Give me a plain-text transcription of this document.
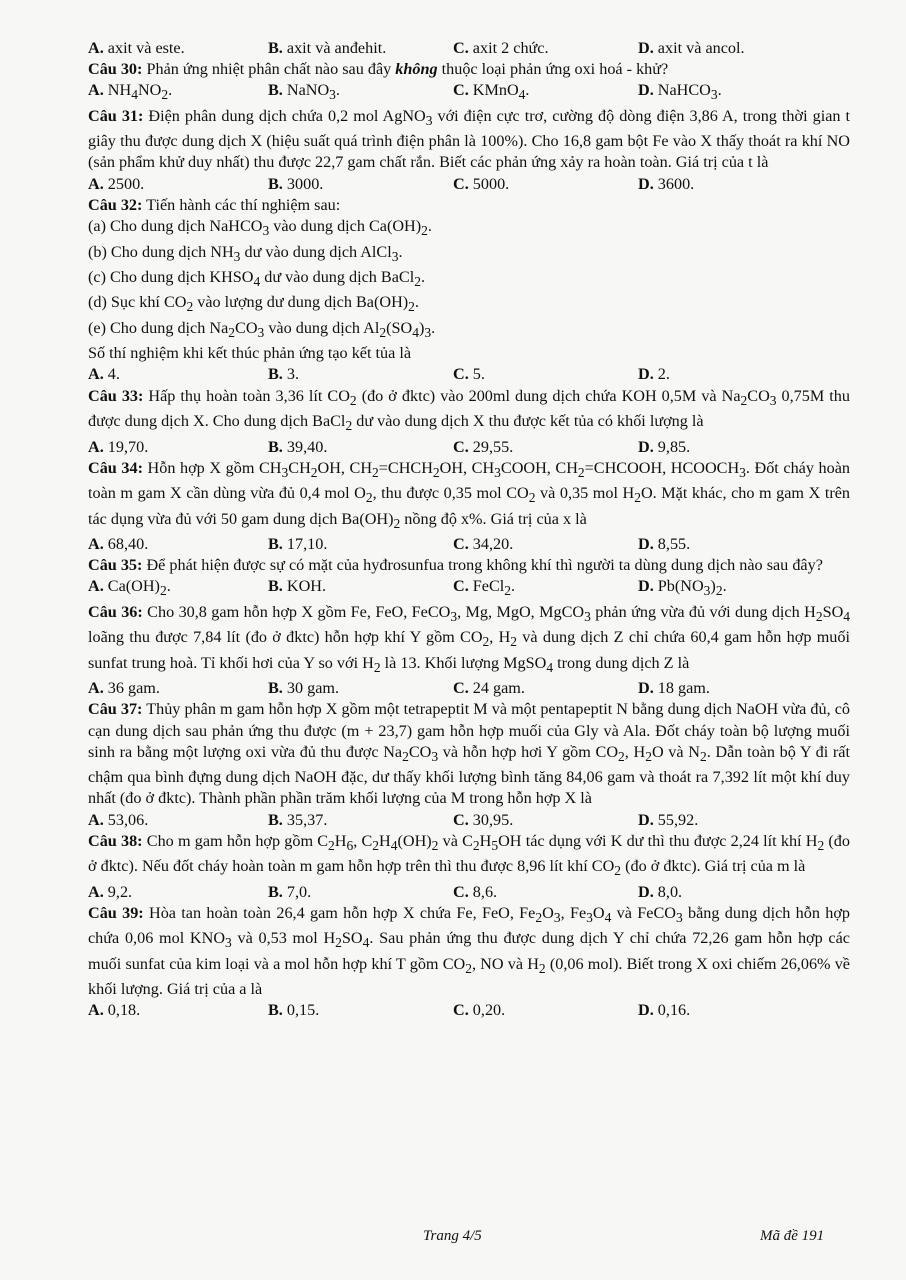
A. axit và este.	B. axit và anđehit.	C. axit 2 chức.	D. axit và ancol.

Câu 30: Phản ứng nhiệt phân chất nào sau đây không thuộc loại phản ứng oxi hoá - khử?

A. $NH_4NO_2$.	B. NaNO$_3$.	C. KMnO$_4$.	D. NaHCO$_3$.

Câu 31: Điện phân dung dịch chứa 0,2 mol AgNO$_3$ với điện cực trơ, cường độ dòng điện 3,86 A, trong thời gian t giây thu được dung dịch X (hiệu suất quá trình điện phân là 100%). Cho 16,8 gam bột Fe vào X thấy thoát ra khí NO (sản phẩm khử duy nhất) thu được 22,7 gam chất rắn. Biết các phản ứng xảy ra hoàn toàn. Giá trị của t là

A. 2500.	B. 3000.	C. 5000.	D. 3600.

Câu 32: Tiến hành các thí nghiệm sau:

(a) Cho dung dịch NaHCO$_3$ vào dung dịch $Ca(OH)_2$.
(b) Cho dung dịch $NH_3$ dư vào dung dịch AlCl$_3$.
(c) Cho dung dịch $KHSO_4$ dư vào dung dịch BaCl$_2$.
(d) Sục khí $CO_2$ vào lượng dư dung dịch $Ba(OH)_2$.
(e) Cho dung dịch $Na_2CO_3$ vào dung dịch $Al_2(SO_4)_3$.
Số thí nghiệm khi kết thúc phản ứng tạo kết tủa là
A. 4.	B. 3.	C. 5.	D. 2.

Câu 33: Hấp thụ hoàn toàn 3,36 lít $CO_2$ (đo ở đktc) vào 200ml dung dịch chứa KOH 0,5M và $Na_2CO_3$ 0,75M thu được dung dịch X. Cho dung dịch BaCl$_2$ dư vào dung dịch X thu được kết tủa có khối lượng là

A. 19,70.	B. 39,40.	C. 29,55.	D. 9,85.

Câu 34: Hỗn hợp X gồm $CH_3CH_2OH$, $CH_2=CHCH_2OH$, $CH_3COOH$, $CH_2=CHCOOH$, $HCOOCH_3$. Đốt cháy hoàn toàn m gam X cần dùng vừa đủ 0,4 mol $O_2$, thu được 0,35 mol $CO_2$ và 0,35 mol $H_2O$. Mặt khác, cho m gam X trên tác dụng vừa đủ với 50 gam dung dịch $Ba(OH)_2$ nồng độ x%. Giá trị của x là

A. 68,40.	B. 17,10.	C. 34,20.	D. 8,55.

Câu 35: Để phát hiện được sự có mặt của hyđrosunfua trong không khí thì người ta dùng dung dịch nào sau đây?

A. $Ca(OH)_2$.	B. KOH.	C. FeCl$_2$.	D. $Pb(NO_3)_2$.

Câu 36: Cho 30,8 gam hỗn hợp X gồm Fe, FeO, FeCO$_3$, Mg, MgO, MgCO$_3$ phản ứng vừa đủ với dung dịch $H_2SO_4$ loãng thu được 7,84 lít (đo ở đktc) hỗn hợp khí Y gồm $CO_2$, $H_2$ và dung dịch Z chỉ chứa 60,4 gam hỗn hợp muối sunfat trung hoà. Tỉ khối hơi của Y so với $H_2$ là 13. Khối lượng MgSO$_4$ trong dung dịch Z là

A. 36 gam.	B. 30 gam.	C. 24 gam.	D. 18 gam.

Câu 37: Thủy phân m gam hỗn hợp X gồm một tetrapeptit M và một pentapeptit N bằng dung dịch NaOH vừa đủ, cô cạn dung dịch sau phản ứng thu được (m + 23,7) gam hỗn hợp muối của Gly và Ala. Đốt cháy toàn bộ lượng muối sinh ra bằng một lượng oxi vừa đủ thu được $Na_2CO_3$ và hỗn hợp hơi Y gồm $CO_2$, $H_2O$ và $N_2$. Dẫn toàn bộ Y đi rất chậm qua bình đựng dung dịch NaOH đặc, dư thấy khối lượng bình tăng 84,06 gam và thoát ra 7,392 lít một khí duy nhất (đo ở đktc). Thành phần phần trăm khối lượng của M trong hỗn hợp X là

A. 53,06.	B. 35,37.	C. 30,95.	D. 55,92.

Câu 38: Cho m gam hỗn hợp gồm $C_2H_6$, $C_2H_4(OH)_2$ và $C_2H_5OH$ tác dụng với K dư thì thu được 2,24 lít khí $H_2$ (đo ở đktc). Nếu đốt cháy hoàn toàn m gam hỗn hợp trên thì thu được 8,96 lít khí $CO_2$ (đo ở đktc). Giá trị của m là

A. 9,2.	B. 7,0.	C. 8,6.	D. 8,0.

Câu 39: Hòa tan hoàn toàn 26,4 gam hỗn hợp X chứa Fe, FeO, $Fe_2O_3$, $Fe_3O_4$ và FeCO$_3$ bằng dung dịch hỗn hợp chứa 0,06 mol $KNO_3$ và 0,53 mol $H_2SO_4$. Sau phản ứng thu được dung dịch Y chỉ chứa 72,26 gam hỗn hợp các muối sunfat của kim loại và a mol hỗn hợp khí T gồm $CO_2$, NO và $H_2$ (0,06 mol). Biết trong X oxi chiếm 26,06% về khối lượng. Giá trị của a là

A. 0,18.	B. 0,15.	C. 0,20.	D. 0,16.
Trang 4/5	Mã đề 191
